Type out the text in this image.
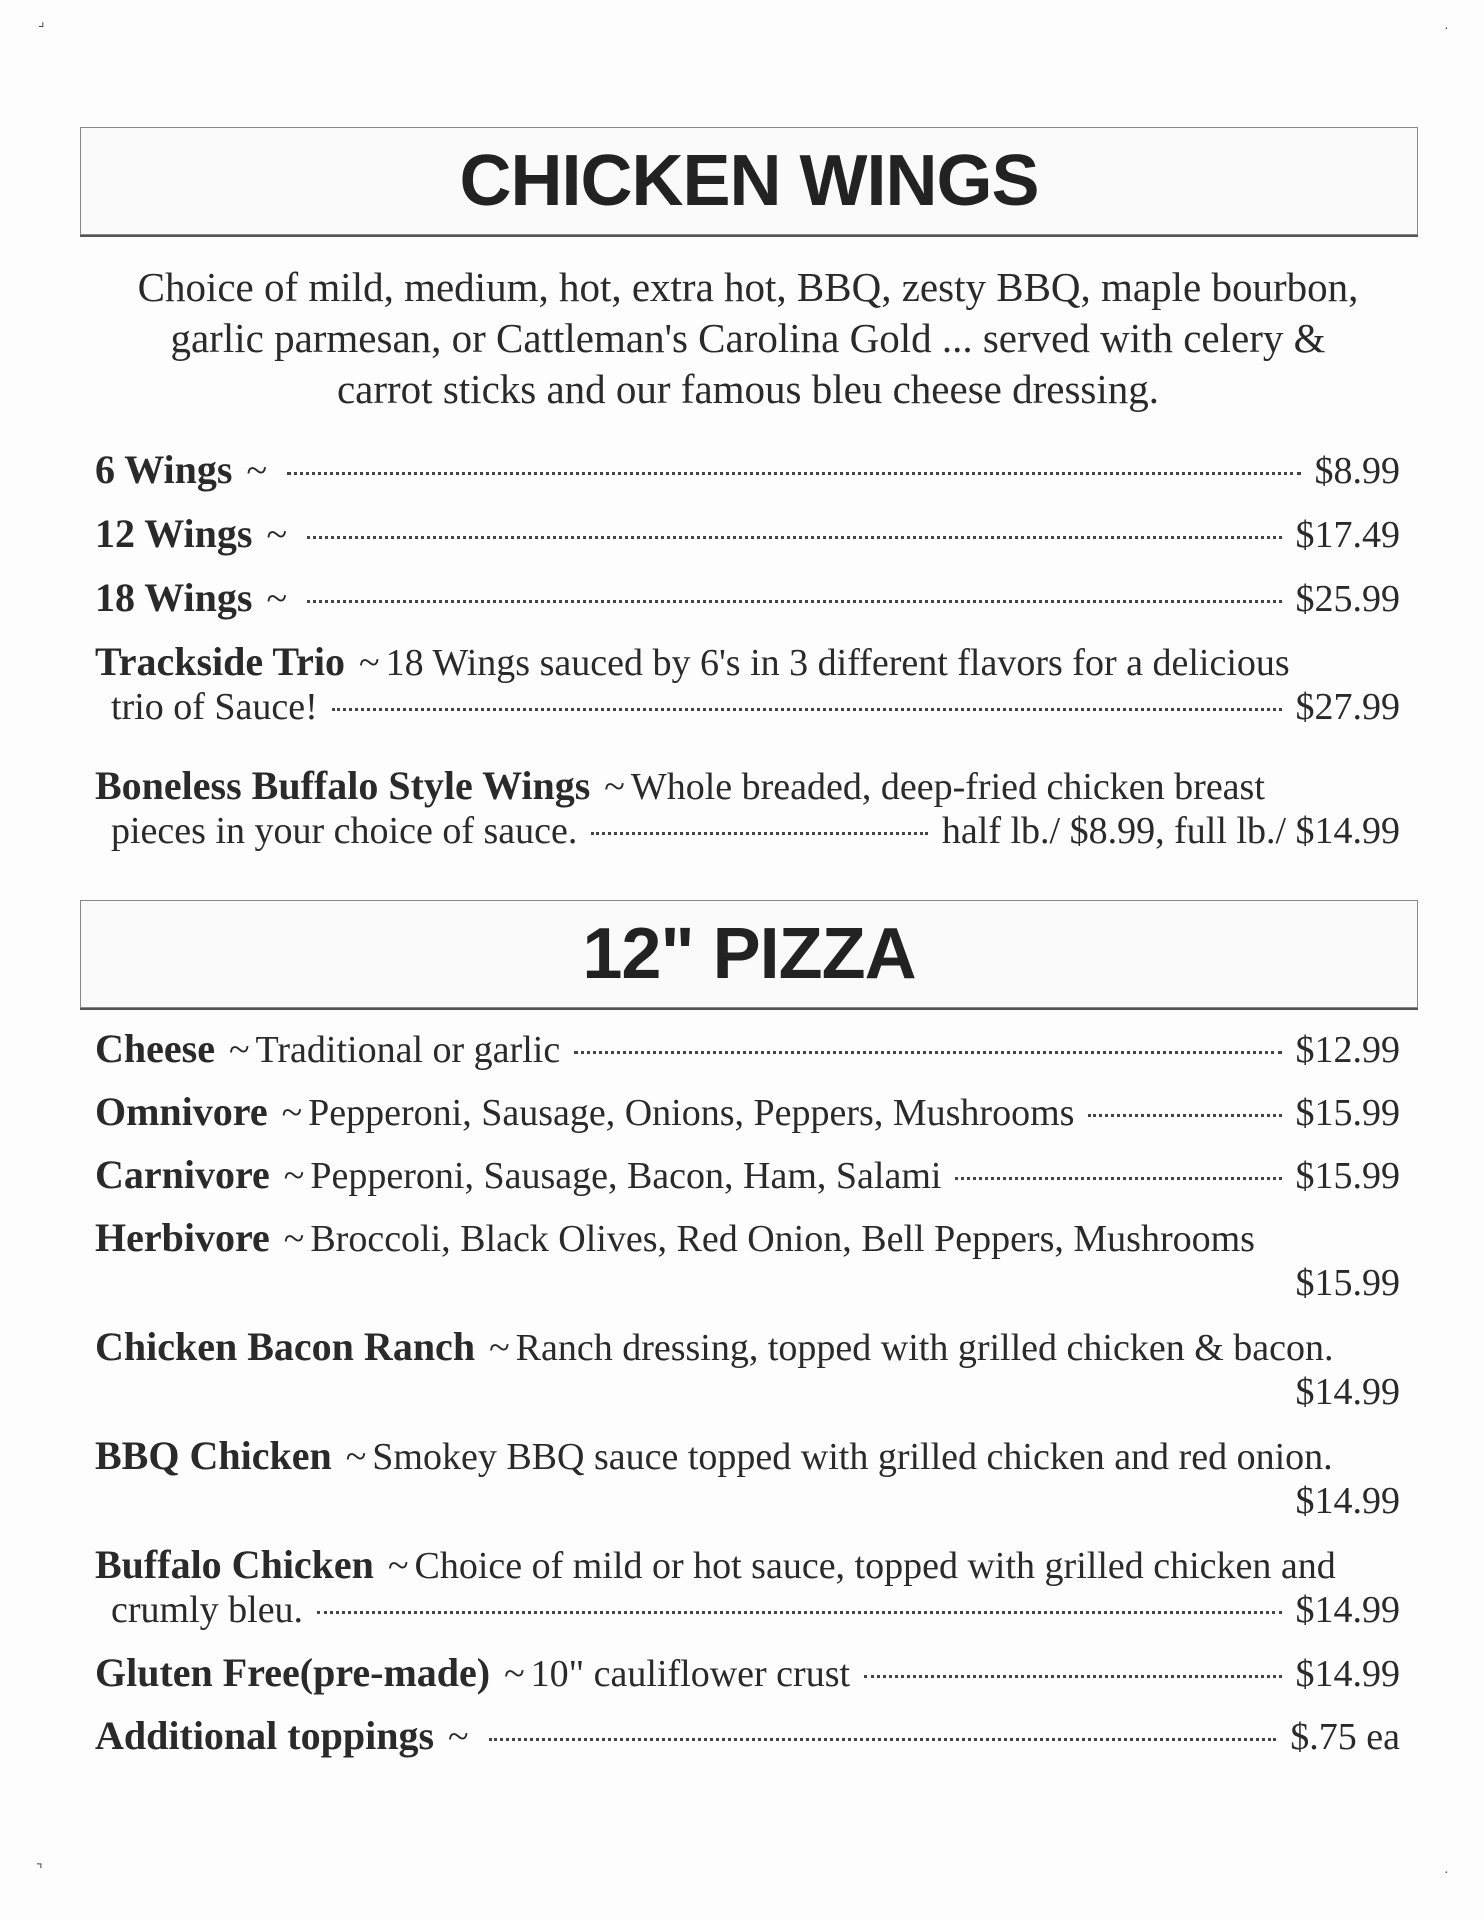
⌟	·
⌝	·
CHICKEN WINGS
Choice of mild, medium, hot, extra hot, BBQ, zesty BBQ, maple bourbon,
garlic parmesan, or Cattleman's Carolina Gold ... served with celery &
carrot sticks and our famous bleu cheese dressing.
6 Wings ~	$8.99
12 Wings ~	$17.49
18 Wings ~	$25.99
Trackside Trio ~ 18 Wings sauced by 6's in 3 different flavors for a delicious
trio of Sauce!	$27.99
Boneless Buffalo Style Wings ~ Whole breaded, deep-fried chicken breast
pieces in your choice of sauce.	half lb./ $8.99, full lb./ $14.99
12" PIZZA
Cheese ~ Traditional or garlic	$12.99
Omnivore ~ Pepperoni, Sausage, Onions, Peppers, Mushrooms	$15.99
Carnivore ~ Pepperoni, Sausage, Bacon, Ham, Salami	$15.99
Herbivore ~ Broccoli, Black Olives, Red Onion, Bell Peppers, Mushrooms
$15.99
Chicken Bacon Ranch ~ Ranch dressing, topped with grilled chicken & bacon.
$14.99
BBQ Chicken ~ Smokey BBQ sauce topped with grilled chicken and red onion.
$14.99
Buffalo Chicken ~ Choice of mild or hot sauce, topped with grilled chicken and
crumly bleu.	$14.99
Gluten Free(pre-made) ~ 10" cauliflower crust	$14.99
Additional toppings ~	$.75 ea
